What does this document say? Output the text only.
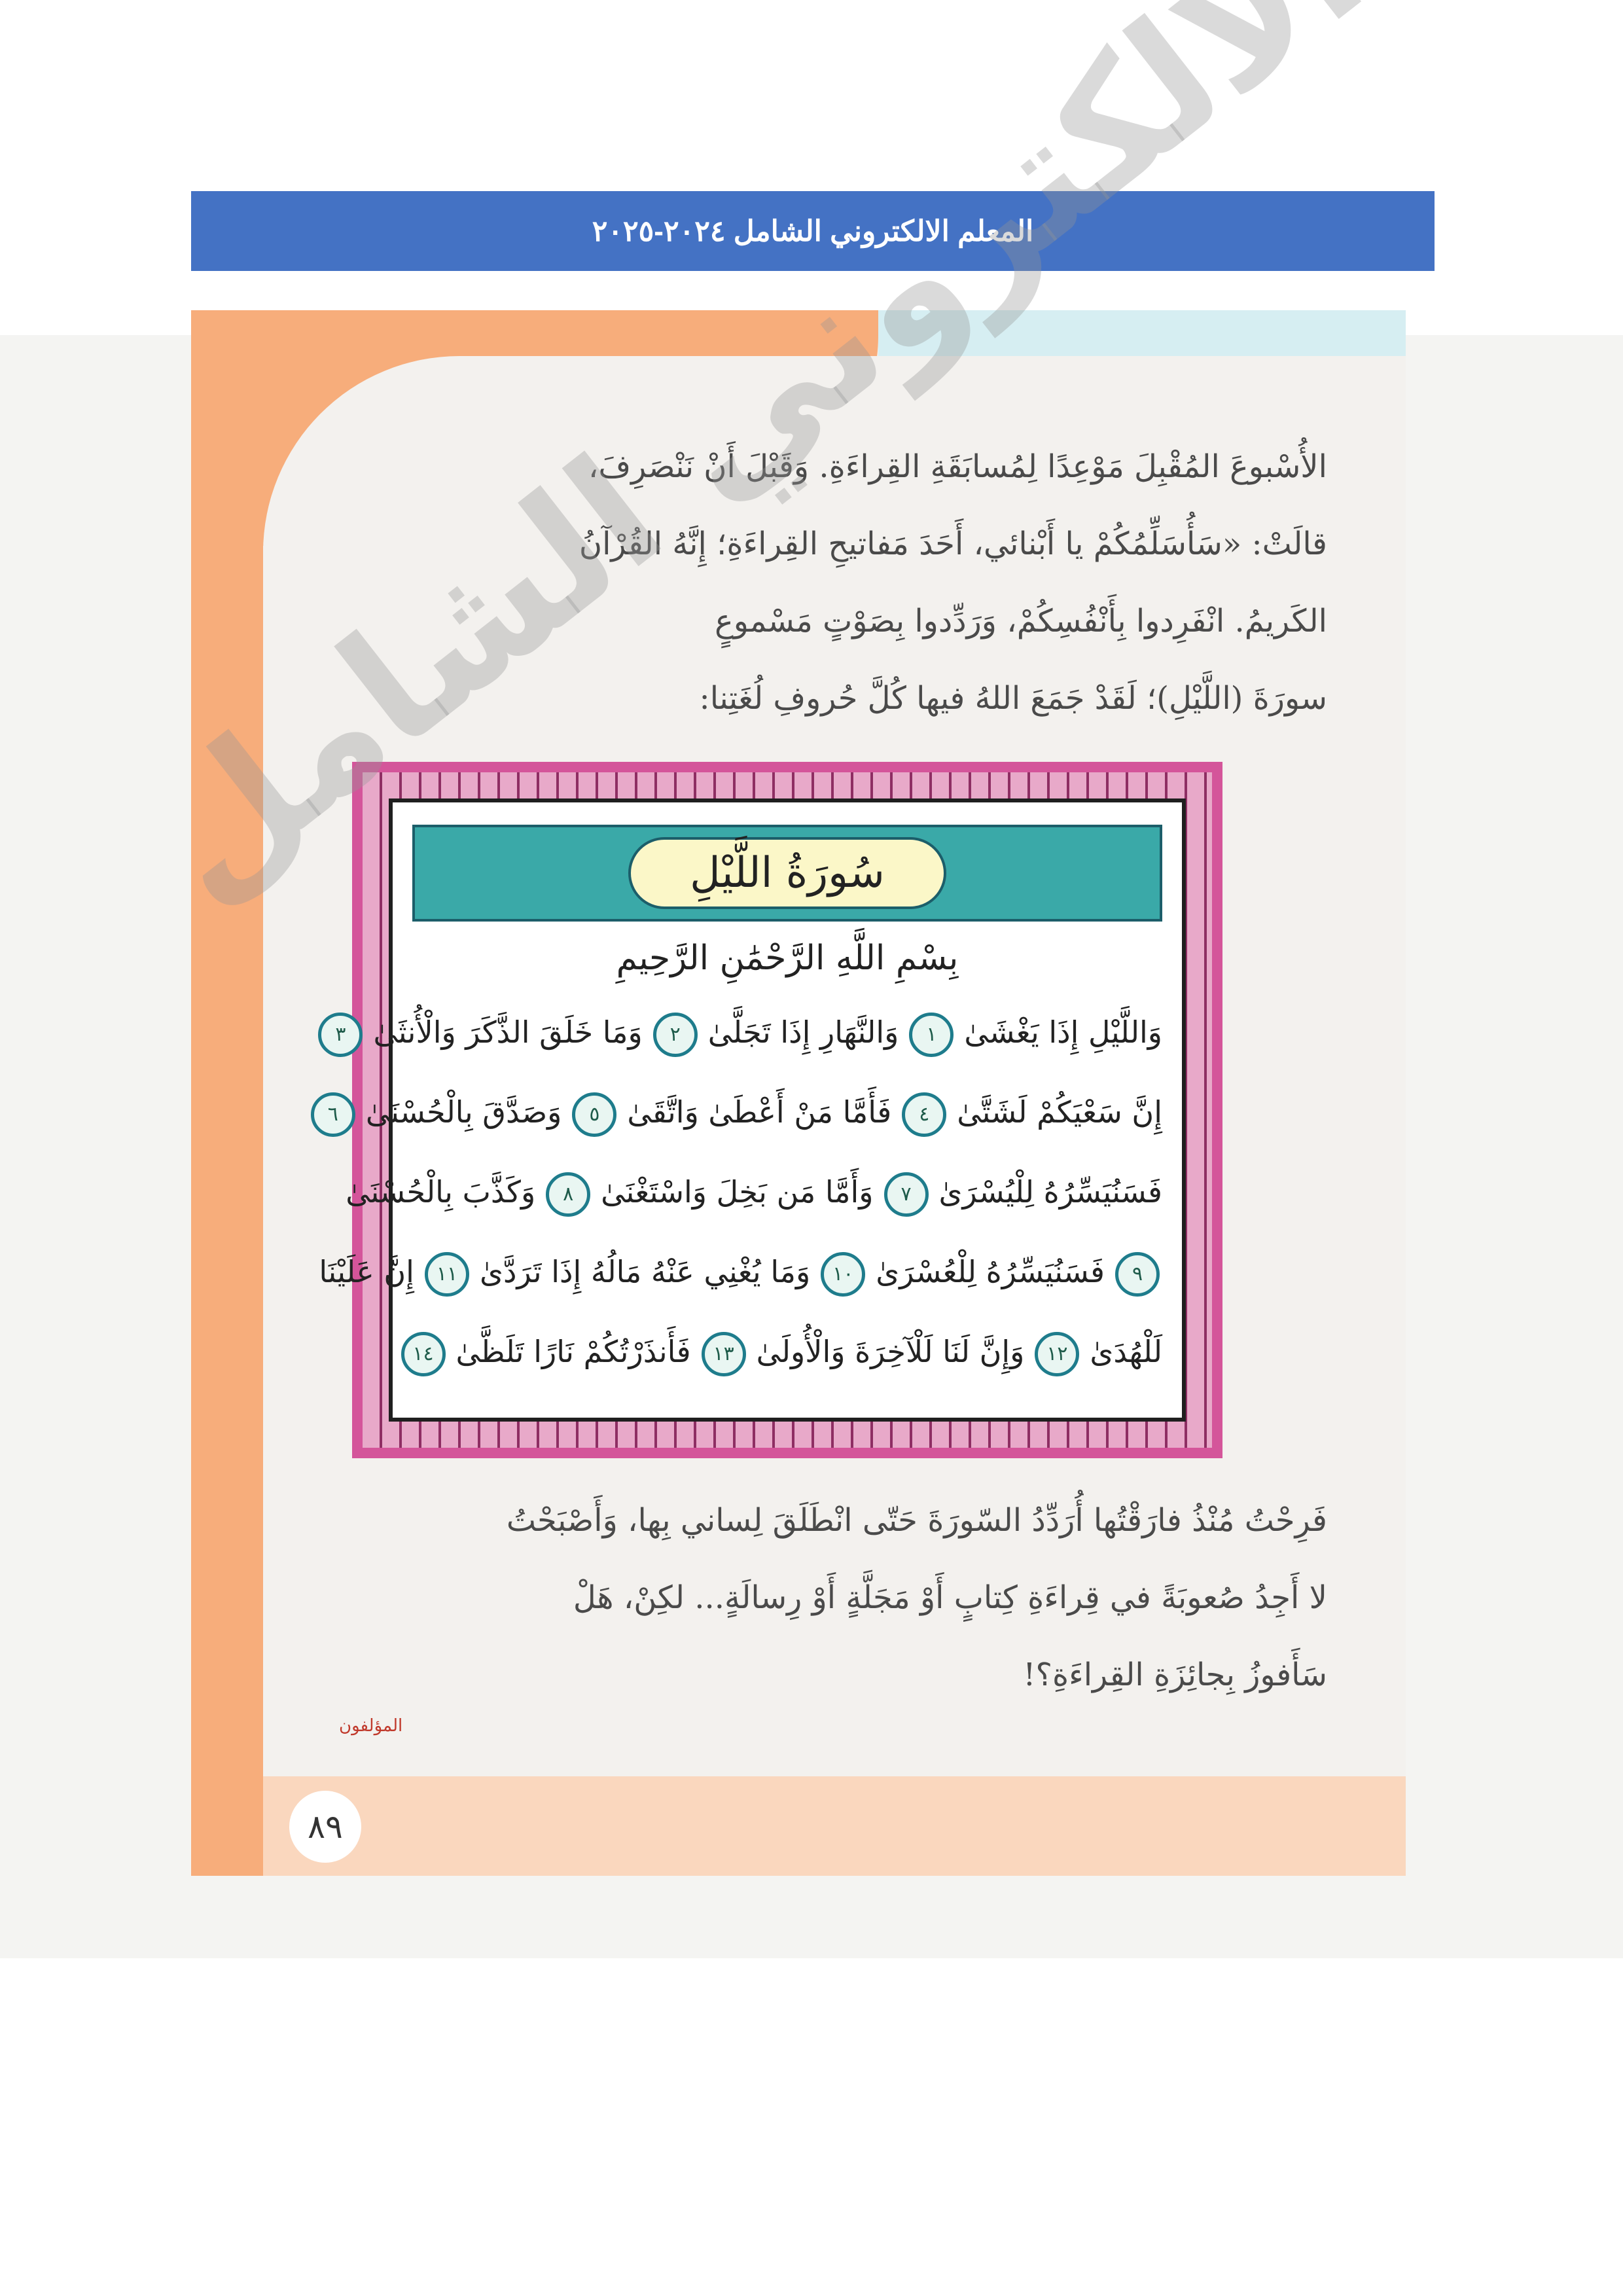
المعلم الالكتروني الشامل ٢٠٢٤-٢٠٢٥
الأُسْبوعَ المُقْبِلَ مَوْعِدًا لِمُسابَقَةِ القِراءَةِ. وَقَبْلَ أَنْ نَنْصَرِفَ،
قالَتْ: «سَأُسَلِّمُكُمْ يا أَبْنائي، أَحَدَ مَفاتيحِ القِراءَةِ؛ إِنَّهُ القُرْآنُ
الكَريمُ. انْفَرِدوا بِأَنْفُسِكُمْ، وَرَدِّدوا بِصَوْتٍ مَسْموعٍ
سورَةَ (اللَّيْلِ)؛ لَقَدْ جَمَعَ اللهُ فيها كُلَّ حُروفِ لُغَتِنا:
سُورَةُ اللَّيْلِ
بِسْمِ اللَّهِ الرَّحْمَٰنِ الرَّحِيمِ
وَاللَّيْلِ إِذَا يَغْشَىٰ١وَالنَّهَارِ إِذَا تَجَلَّىٰ٢وَمَا خَلَقَ الذَّكَرَ وَالْأُنثَىٰ٣
إِنَّ سَعْيَكُمْ لَشَتَّىٰ٤فَأَمَّا مَنْ أَعْطَىٰ وَاتَّقَىٰ٥وَصَدَّقَ بِالْحُسْنَىٰ٦
فَسَنُيَسِّرُهُ لِلْيُسْرَىٰ٧وَأَمَّا مَن بَخِلَ وَاسْتَغْنَىٰ٨وَكَذَّبَ بِالْحُسْنَىٰ
٩فَسَنُيَسِّرُهُ لِلْعُسْرَىٰ١٠وَمَا يُغْنِي عَنْهُ مَالُهُ إِذَا تَرَدَّىٰ١١إِنَّ عَلَيْنَا
لَلْهُدَىٰ١٢وَإِنَّ لَنَا لَلْآخِرَةَ وَالْأُولَىٰ١٣فَأَنذَرْتُكُمْ نَارًا تَلَظَّىٰ١٤
فَرِحْتُ مُنْذُ فارَقْتُها أُرَدِّدُ السّورَةَ حَتّى انْطَلَقَ لِساني بِها، وَأَصْبَحْتُ
لا أَجِدُ صُعوبَةً في قِراءَةِ كِتابٍ أَوْ مَجَلَّةٍ أَوْ رِسالَةٍ... لكِنْ، هَلْ
سَأَفوزُ بِجائِزَةِ القِراءَةِ؟!
المؤلفون
٨٩
الالكتروني الشامل
